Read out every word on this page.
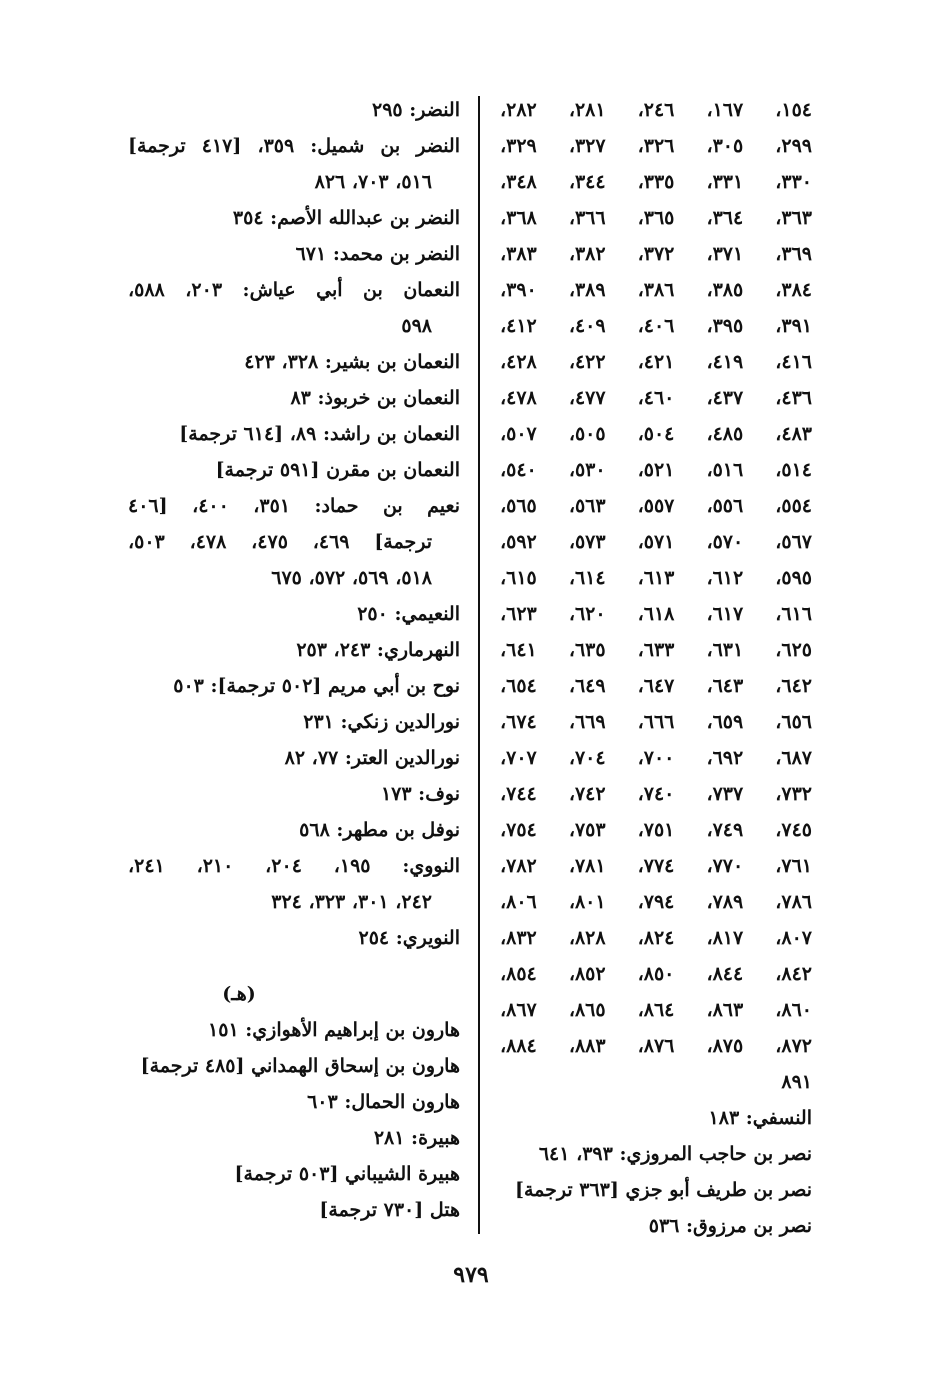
١٥٤، ١٦٧، ٢٤٦، ٢٨١، ٢٨٢،
٢٩٩، ٣٠٥، ٣٢٦، ٣٢٧، ٣٢٩،
٣٣٠، ٣٣١، ٣٣٥، ٣٤٤، ٣٤٨،
٣٦٣، ٣٦٤، ٣٦٥، ٣٦٦، ٣٦٨،
٣٦٩، ٣٧١، ٣٧٢، ٣٨٢، ٣٨٣،
٣٨٤، ٣٨٥، ٣٨٦، ٣٨٩، ٣٩٠،
٣٩١، ٣٩٥، ٤٠٦، ٤٠٩، ٤١٢،
٤١٦، ٤١٩، ٤٢١، ٤٢٢، ٤٢٨،
٤٣٦، ٤٣٧، ٤٦٠، ٤٧٧، ٤٧٨،
٤٨٣، ٤٨٥، ٥٠٤، ٥٠٥، ٥٠٧،
٥١٤، ٥١٦، ٥٢١، ٥٣٠، ٥٤٠،
٥٥٤، ٥٥٦، ٥٥٧، ٥٦٣، ٥٦٥،
٥٦٧، ٥٧٠، ٥٧١، ٥٧٣، ٥٩٢،
٥٩٥، ٦١٢، ٦١٣، ٦١٤، ٦١٥،
٦١٦، ٦١٧، ٦١٨، ٦٢٠، ٦٢٣،
٦٢٥، ٦٣١، ٦٣٣، ٦٣٥، ٦٤١،
٦٤٢، ٦٤٣، ٦٤٧، ٦٤٩، ٦٥٤،
٦٥٦، ٦٥٩، ٦٦٦، ٦٦٩، ٦٧٤،
٦٨٧، ٦٩٢، ٧٠٠، ٧٠٤، ٧٠٧،
٧٣٢، ٧٣٧، ٧٤٠، ٧٤٢، ٧٤٤،
٧٤٥، ٧٤٩، ٧٥١، ٧٥٣، ٧٥٤،
٧٦١، ٧٧٠، ٧٧٤، ٧٨١، ٧٨٢،
٧٨٦، ٧٨٩، ٧٩٤، ٨٠١، ٨٠٦،
٨٠٧، ٨١٧، ٨٢٤، ٨٢٨، ٨٣٢،
٨٤٢، ٨٤٤، ٨٥٠، ٨٥٢، ٨٥٤،
٨٦٠، ٨٦٣، ٨٦٤، ٨٦٥، ٨٦٧،
٨٧٢، ٨٧٥، ٨٧٦، ٨٨٣، ٨٨٤،
٨٩١
النسفي: ١٨٣
نصر بن حاجب المروزي: ٣٩٣، ٦٤١
نصر بن طريف أبو جزي [٣٦٣ ترجمة]
نصر بن مرزوق: ٥٣٦
النضر: ٢٩٥
النضر بن شميل: ٣٥٩، [٤١٧ ترجمة]
٥١٦، ٧٠٣، ٨٢٦
النضر بن عبدالله الأصم: ٣٥٤
النضر بن محمد: ٦٧١
النعمان بن أبي عياش: ٢٠٣، ٥٨٨،
٥٩٨
النعمان بن بشير: ٣٢٨، ٤٢٣
النعمان بن خربوذ: ٨٣
النعمان بن راشد: ٨٩، [٦١٤ ترجمة]
النعمان بن مقرن [٥٩١ ترجمة]
نعيم بن حماد: ٣٥١، ٤٠٠، [٤٠٦
ترجمة] ٤٦٩، ٤٧٥، ٤٧٨، ٥٠٣،
٥١٨، ٥٦٩، ٥٧٢، ٦٧٥
النعيمي: ٢٥٠
النهرماري: ٢٤٣، ٢٥٣
نوح بن أبي مريم [٥٠٢ ترجمة]: ٥٠٣
نورالدين زنكي: ٢٣١
نورالدين العتر: ٧٧، ٨٢
نوف: ١٧٣
نوفل بن مطهر: ٥٦٨
النووي: ١٩٥، ٢٠٤، ٢١٠، ٢٤١،
٢٤٢، ٣٠١، ٣٢٣، ٣٢٤
النويري: ٢٥٤
(هـ)
هارون بن إبراهيم الأهوازي: ١٥١
هارون بن إسحاق الهمداني [٤٨٥ ترجمة]
هارون الحمال: ٦٠٣
هبيرة: ٢٨١
هبيرة الشيباني [٥٠٣ ترجمة]
هتل [٧٣٠ ترجمة]
٩٧٩
